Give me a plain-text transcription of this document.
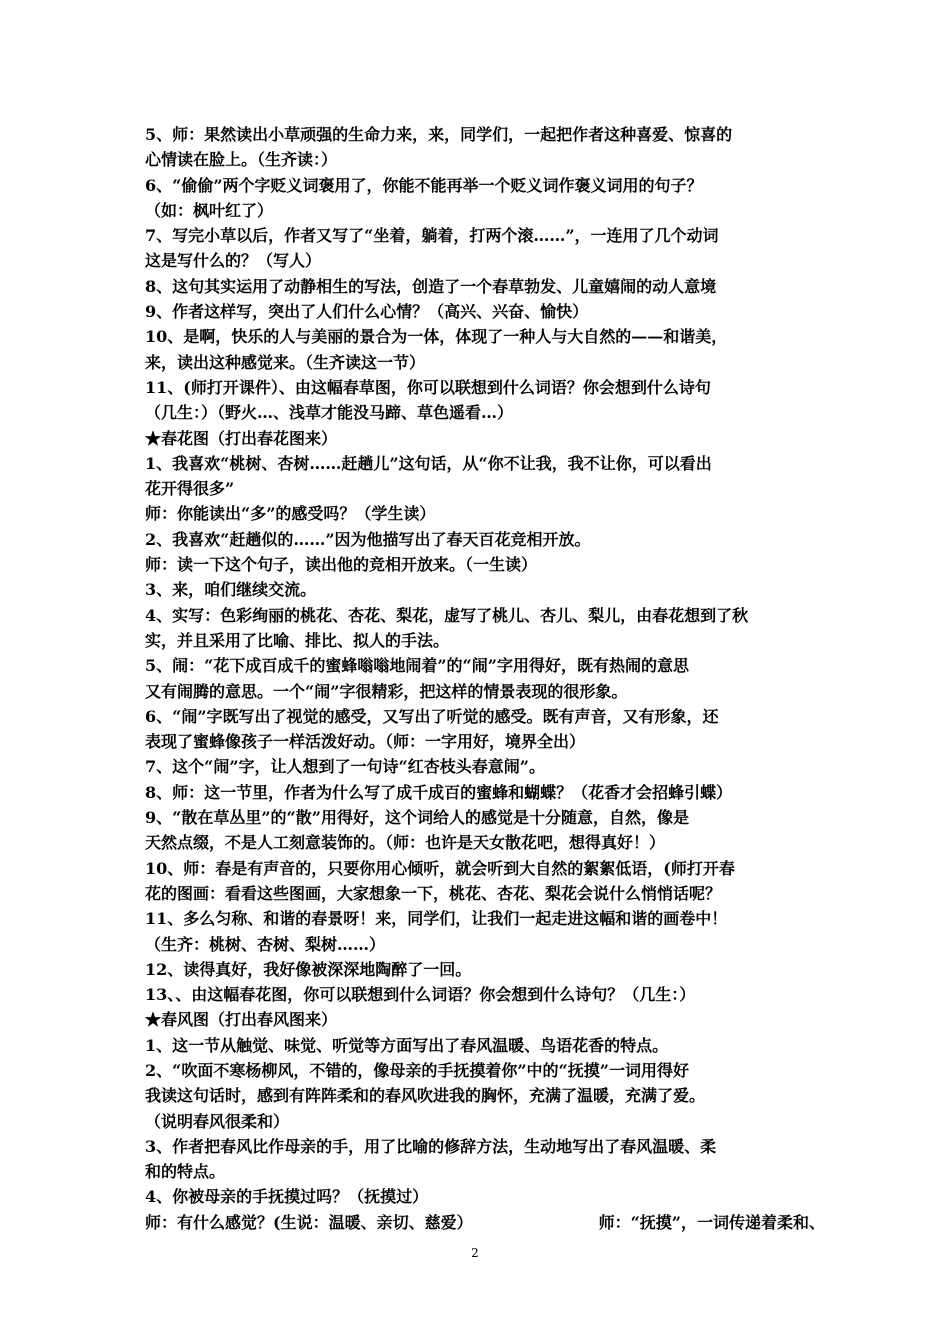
5、师：果然读出小草顽强的生命力来，来，同学们，一起把作者这种喜爱、惊喜的
心情读在脸上。（生齐读：）
6、“偷偷”两个字贬义词褒用了，你能不能再举一个贬义词作褒义词用的句子？
（如：枫叶红了）
7、写完小草以后，作者又写了“坐着，躺着，打两个滚……”，一连用了几个动词
这是写什么的？（写人）
8、这句其实运用了动静相生的写法，创造了一个春草勃发、儿童嬉闹的动人意境
9、作者这样写，突出了人们什么心情？（高兴、兴奋、愉快）
10、是啊，快乐的人与美丽的景合为一体，体现了一种人与大自然的——和谐美，
来，读出这种感觉来。（生齐读这一节）
11、(师打开课件）、由这幅春草图，你可以联想到什么词语？你会想到什么诗句
（几生：）（野火…、浅草才能没马蹄、草色遥看…）
★春花图（打出春花图来）
1、我喜欢“桃树、杏树……赶趟儿”这句话，从“你不让我，我不让你，可以看出
花开得很多”
师：你能读出“多”的感受吗？（学生读）
2、我喜欢“赶趟似的……”因为他描写出了春天百花竞相开放。
师：读一下这个句子，读出他的竞相开放来。（一生读）
3、来，咱们继续交流。
4、实写：色彩绚丽的桃花、杏花、梨花，虚写了桃儿、杏儿、梨儿，由春花想到了秋
实，并且采用了比喻、排比、拟人的手法。
5、闹：“花下成百成千的蜜蜂嗡嗡地闹着”的“闹”字用得好，既有热闹的意思
又有闹腾的意思。一个“闹”字很精彩，把这样的情景表现的很形象。
6、“闹”字既写出了视觉的感受，又写出了听觉的感受。既有声音，又有形象，还
表现了蜜蜂像孩子一样活泼好动。（师：一字用好，境界全出）
7、这个“闹”字，让人想到了一句诗“红杏枝头春意闹”。
8、师：这一节里，作者为什么写了成千成百的蜜蜂和蝴蝶？（花香才会招蜂引蝶）
9、“散在草丛里”的“散”用得好，这个词给人的感觉是十分随意，自然，像是
天然点缀，不是人工刻意装饰的。（师：也许是天女散花吧，想得真好！）
10、师：春是有声音的，只要你用心倾听，就会听到大自然的絮絮低语，(师打开春
花的图画：看看这些图画，大家想象一下，桃花、杏花、梨花会说什么悄悄话呢？
11、多么匀称、和谐的春景呀！来，同学们，让我们一起走进这幅和谐的画卷中！
（生齐：桃树、杏树、梨树……）
12、读得真好，我好像被深深地陶醉了一回。
13、、由这幅春花图，你可以联想到什么词语？你会想到什么诗句？（几生：）
★春风图（打出春风图来）
1、这一节从触觉、味觉、听觉等方面写出了春风温暖、鸟语花香的特点。
2、“吹面不寒杨柳风，不错的，像母亲的手抚摸着你”中的“抚摸”一词用得好
我读这句话时，感到有阵阵柔和的春风吹进我的胸怀，充满了温暖，充满了爱。
（说明春风很柔和）
3、作者把春风比作母亲的手，用了比喻的修辞方法，生动地写出了春风温暖、柔
和的特点。
4、你被母亲的手抚摸过吗？（抚摸过）
师：有什么感觉？(生说：温暖、亲切、慈爱）	师：“抚摸”，一词传递着柔和、
2
